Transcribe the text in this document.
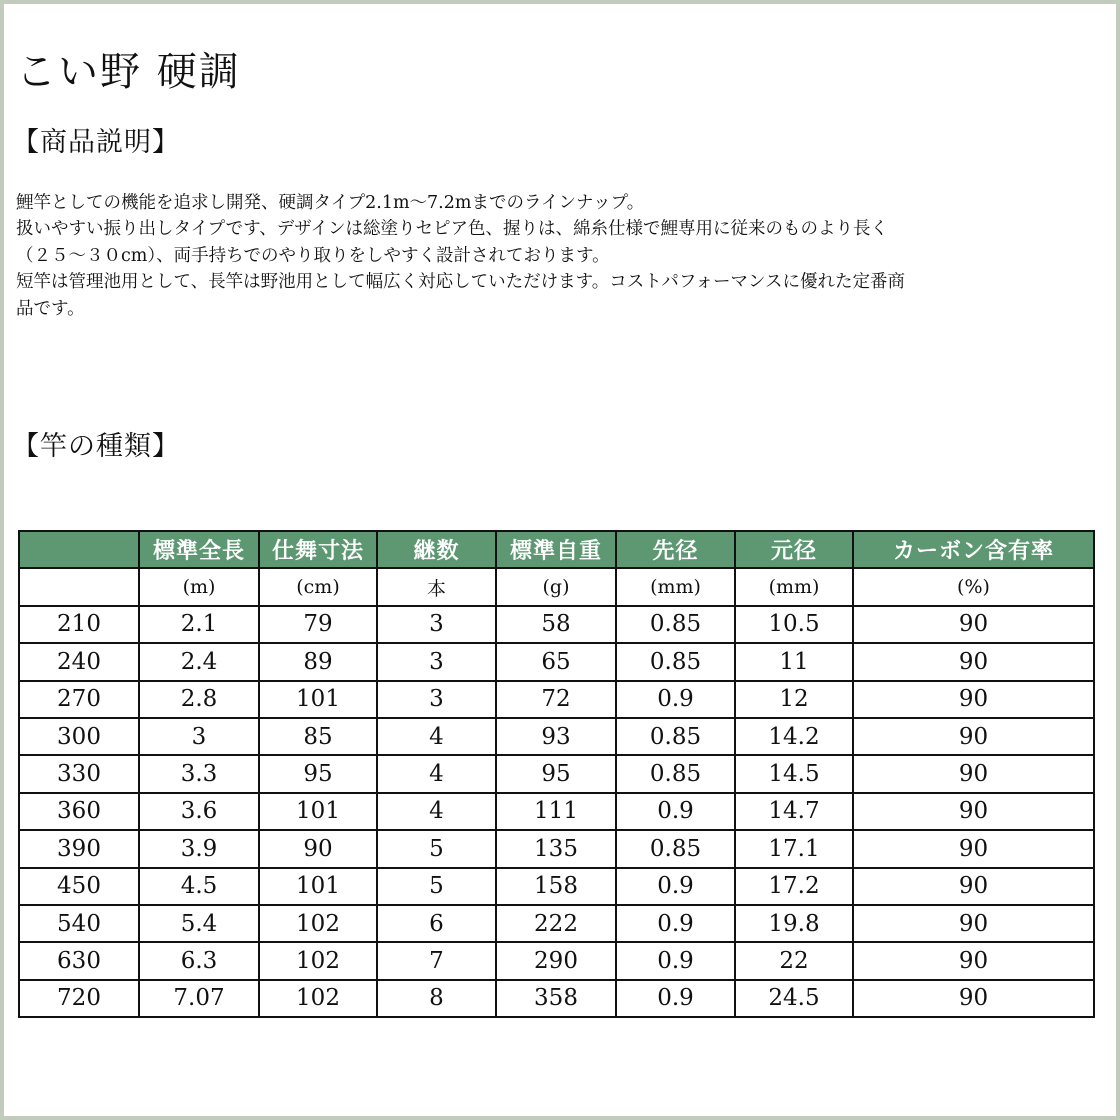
こい野 硬調
【商品説明】
鯉竿としての機能を追求し開発、硬調タイプ2.1m～7.2mまでのラインナップ。
扱いやすい振り出しタイプです、デザインは総塗りセピア色、握りは、綿糸仕様で鯉専用に従来のものより長く
（２５～３０cm）、両手持ちでのやり取りをしやすく設計されております。
短竿は管理池用として、長竿は野池用として幅広く対応していただけます。コストパフォーマンスに優れた定番商
品です。
【竿の種類】
	標準全長	仕舞寸法	継数	標準自重	先径	元径	カーボン含有率
	(m)	(cm)	本	(g)	(mm)	(mm)	(%)
210	2.1	79	3	58	0.85	10.5	90
240	2.4	89	3	65	0.85	11	90
270	2.8	101	3	72	0.9	12	90
300	3	85	4	93	0.85	14.2	90
330	3.3	95	4	95	0.85	14.5	90
360	3.6	101	4	111	0.9	14.7	90
390	3.9	90	5	135	0.85	17.1	90
450	4.5	101	5	158	0.9	17.2	90
540	5.4	102	6	222	0.9	19.8	90
630	6.3	102	7	290	0.9	22	90
720	7.07	102	8	358	0.9	24.5	90
